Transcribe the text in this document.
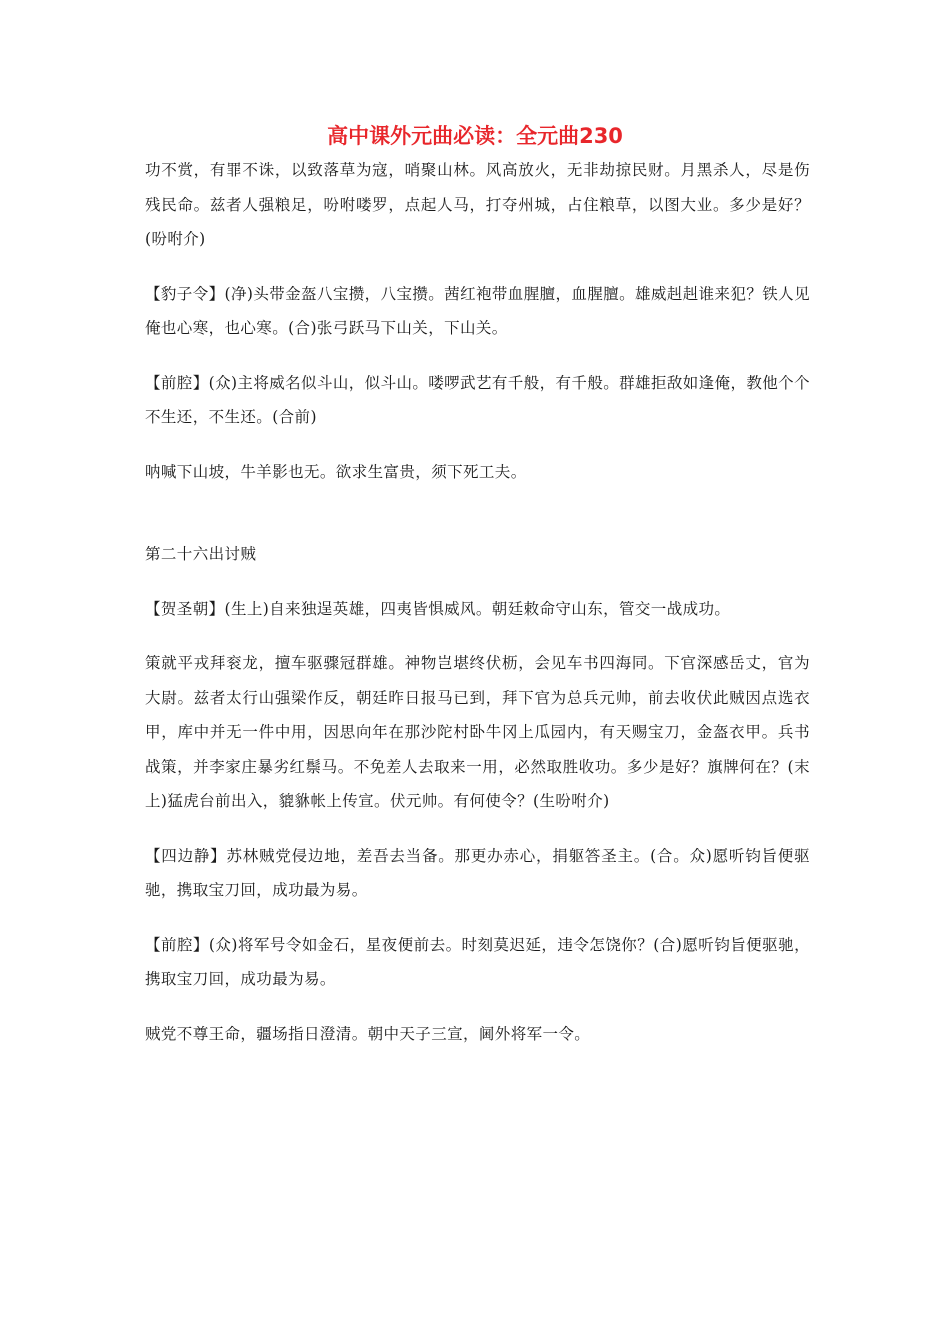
高中课外元曲必读：全元曲230

功不赏，有罪不诛，以致落草为寇，哨聚山林。风高放火，无非劫掠民财。月黑杀人，尽是伤残民命。兹者人强粮足，吩咐喽罗，点起人马，打夺州城，占住粮草，以图大业。多少是好？(吩咐介)

【豹子令】(净)头带金盔八宝攒，八宝攒。茜红袍带血腥膻，血腥膻。雄威赳赳谁来犯？铁人见俺也心寒，也心寒。(合)张弓跃马下山关，下山关。

【前腔】(众)主将威名似斗山，似斗山。喽啰武艺有千般，有千般。群雄拒敌如逢俺，教他个个不生还，不生还。(合前)

呐喊下山坡，牛羊影也无。欲求生富贵，须下死工夫。

第二十六出讨贼

【贺圣朝】(生上)自来独逞英雄，四夷皆惧威风。朝廷敕命守山东，管交一战成功。

策就平戎拜衮龙，擅车驱骤冠群雄。神物岂堪终伏枥，会见车书四海同。下官深感岳丈，官为大尉。兹者太行山强梁作反，朝廷昨日报马已到，拜下官为总兵元帅，前去收伏此贼因点选衣甲，库中并无一件中用，因思向年在那沙陀村卧牛冈上瓜园内，有天赐宝刀，金盔衣甲。兵书战策，并李家庄暴劣红鬃马。不免差人去取来一用，必然取胜收功。多少是好？旗牌何在？(末上)猛虎台前出入，貔貅帐上传宣。伏元帅。有何使令？(生吩咐介)

【四边静】苏林贼党侵边地，差吾去当备。那更办赤心，捐躯答圣主。(合。众)愿听钧旨便驱驰，携取宝刀回，成功最为易。

【前腔】(众)将军号令如金石，星夜便前去。时刻莫迟延，违令怎饶你？(合)愿听钧旨便驱驰，携取宝刀回，成功最为易。

贼党不尊王命，疆场指日澄清。朝中天子三宣，阃外将军一令。
